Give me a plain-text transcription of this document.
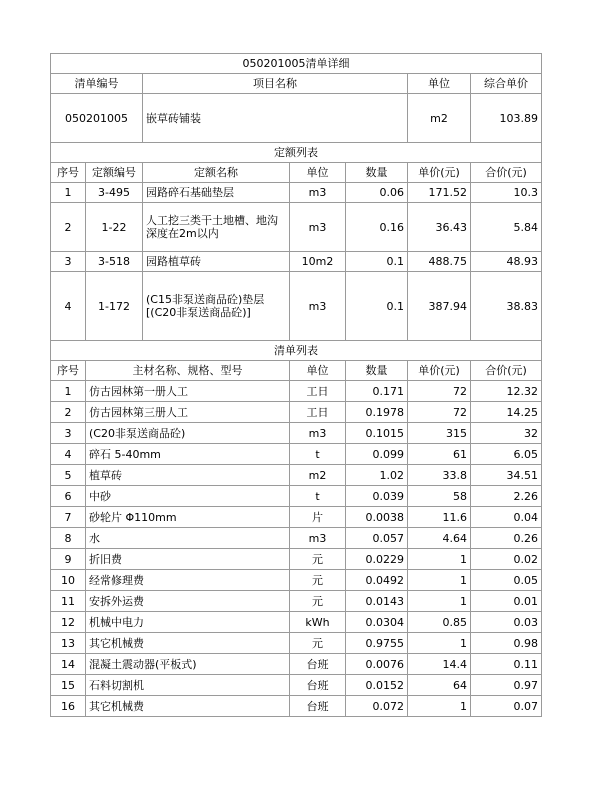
050201005清单详细						
清单编号		项目名称			单位	综合单价
050201005		嵌草砖铺装			m2	103.89
定额列表						
序号	定额编号	定额名称	单位	数量	单价(元)	合价(元)
1	3-495	园路碎石基础垫层	m3	0.06	171.52	10.3
2	1-22	人工挖三类干土地槽、地沟深度在2m以内	m3	0.16	36.43	5.84
3	3-518	园路植草砖	10m2	0.1	488.75	48.93
4	1-172	(C15非泵送商品砼)垫层[(C20非泵送商品砼)]	m3	0.1	387.94	38.83
清单列表						
序号	主材名称、规格、型号		单位	数量	单价(元)	合价(元)
1	仿古园林第一册人工		工日	0.171	72	12.32
2	仿古园林第三册人工		工日	0.1978	72	14.25
3	(C20非泵送商品砼)		m3	0.1015	315	32
4	碎石 5-40mm		t	0.099	61	6.05
5	植草砖		m2	1.02	33.8	34.51
6	中砂		t	0.039	58	2.26
7	砂轮片 Φ110mm		片	0.0038	11.6	0.04
8	水		m3	0.057	4.64	0.26
9	折旧费		元	0.0229	1	0.02
10	经常修理费		元	0.0492	1	0.05
11	安拆外运费		元	0.0143	1	0.01
12	机械中电力		kWh	0.0304	0.85	0.03
13	其它机械费		元	0.9755	1	0.98
14	混凝土震动器(平板式)		台班	0.0076	14.4	0.11
15	石料切割机		台班	0.0152	64	0.97
16	其它机械费		台班	0.072	1	0.07
